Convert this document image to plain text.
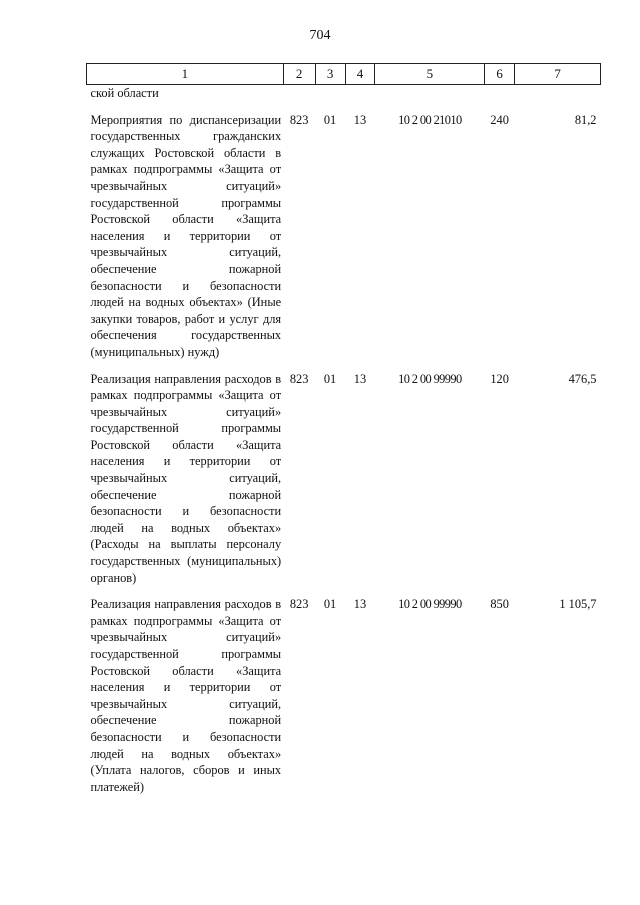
704
1	2	3	4	5	6	7
ской области						
Мероприятия по диспансеризации государственных гражданских служащих Ростовской области в рамках подпрограммы «Защита от чрезвычайных ситуаций» государственной программы Ростовской области «Защита населения и территории от чрезвычайных ситуаций, обеспечение пожарной безопасности и безопасности людей на водных объектах» (Иные закупки товаров, работ и услуг для обеспечения государственных (муниципальных) нужд)	823	01	13	10 2 00 21010	240	81,2
Реализация направления расходов в рамках подпрограммы «Защита от чрезвычайных ситуаций» государственной программы Ростовской области «Защита населения и территории от чрезвычайных ситуаций, обеспечение пожарной безопасности и безопасности людей на водных объектах» (Расходы на выплаты персоналу государственных (муниципальных) органов)	823	01	13	10 2 00 99990	120	476,5
Реализация направления расходов в рамках подпрограммы «Защита от чрезвычайных ситуаций» государственной программы Ростовской области «Защита населения и территории от чрезвычайных ситуаций, обеспечение пожарной безопасности и безопасности людей на водных объектах» (Уплата налогов, сборов и иных платежей)	823	01	13	10 2 00 99990	850	1 105,7
